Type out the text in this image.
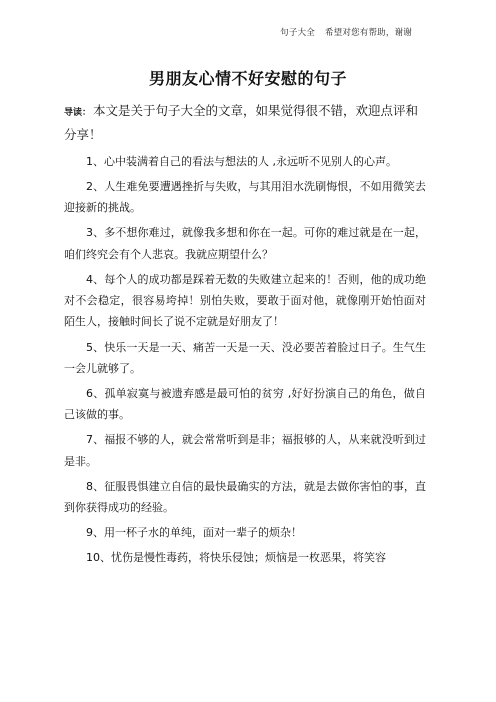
句子大全 希望对您有帮助，谢谢
男朋友心情不好安慰的句子

导读： 本文是关于句子大全的文章，如果觉得很不错，欢迎点评和分享！

1、心中装满着自己的看法与想法的人 ,永远听不见别人的心声。

2、人生难免要遭遇挫折与失败，与其用泪水洗刷悔恨，不如用微笑去迎接新的挑战。

3、多不想你难过，就像我多想和你在一起。可你的难过就是在一起，咱们终究会有个人悲哀。我就应期望什么？

4、每个人的成功都是踩着无数的失败建立起来的！否则，他的成功绝对不会稳定，很容易垮掉！别怕失败，要敢于面对他，就像刚开始怕面对陌生人，接触时间长了说不定就是好朋友了！

5、快乐一天是一天、痛苦一天是一天、没必要苦着脸过日子。生气生一会儿就够了。

6、孤单寂寞与被遗弃感是最可怕的贫穷 ,好好扮演自己的角色，做自己该做的事。

7、福报不够的人，就会常常听到是非；福报够的人，从来就没听到过是非。

8、征服畏惧建立自信的最快最确实的方法，就是去做你害怕的事，直到你获得成功的经验。

9、用一杯子水的单纯，面对一辈子的烦杂！

10、忧伤是慢性毒药，将快乐侵蚀；烦恼是一枚恶果，将笑容
